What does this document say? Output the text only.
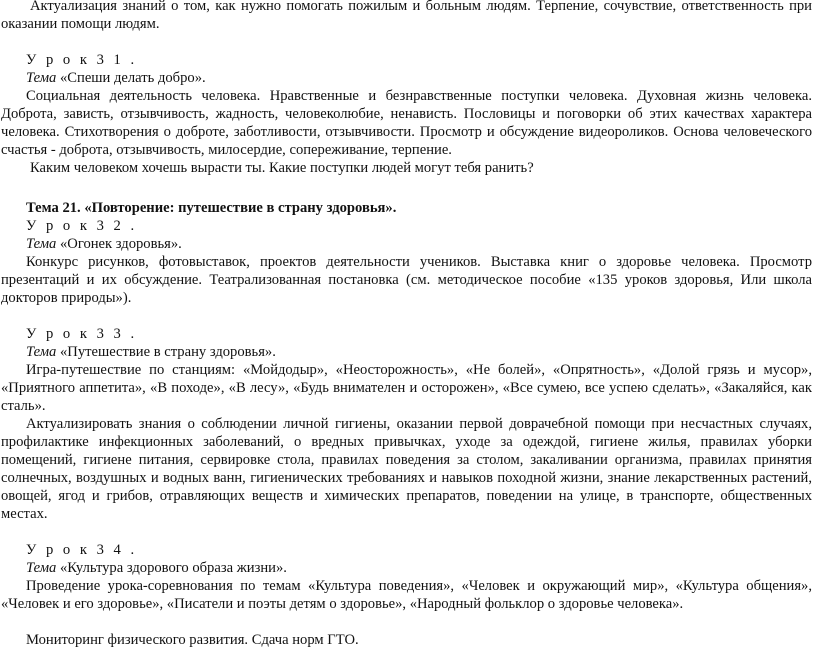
Актуализация знаний о том, как нужно помогать пожилым и больным людям. Терпение, сочувствие, ответственность при оказании помощи людям.

У р о к 3 1 .

Тема «Спеши делать добро».

Социальная деятельность человека. Нравственные и безнравственные поступки человека. Духовная жизнь человека. Доброта, зависть, отзывчивость, жадность, человеколюбие, ненависть. Пословицы и поговорки об этих качествах характера человека. Стихотворения о доброте, заботливости, отзывчивости. Просмотр и обсуждение видеороликов. Основа человеческого счастья - доброта, отзывчивость, милосердие, сопереживание, терпение.

Каким человеком хочешь вырасти ты. Какие поступки людей могут тебя ранить?

Тема 21. «Повторение: путешествие в страну здоровья».

У р о к 3 2 .

Тема «Огонек здоровья».

Конкурс рисунков, фотовыставок, проектов деятельности учеников. Выставка книг о здоровье человека. Просмотр презентаций и их обсуждение. Театрализованная постановка (см. методическое пособие «135 уроков здоровья, Или школа докторов природы»).

У р о к 3 3 .

Тема «Путешествие в страну здоровья».

Игра-путешествие по станциям: «Мойдодыр», «Неосторожность», «Не болей», «Опрятность», «Долой грязь и мусор», «Приятного аппетита», «В походе», «В лесу», «Будь внимателен и осторожен», «Все сумею, все успею сделать», «Закаляйся, как сталь».

Актуализировать знания о соблюдении личной гигиены, оказании первой доврачебной помощи при несчастных случаях, профилактике инфекционных заболеваний, о вредных привычках, уходе за одеждой, гигиене жилья, правилах уборки помещений, гигиене питания, сервировке стола, правилах поведения за столом, закаливании организма, правилах принятия солнечных, воздушных и водных ванн, гигиенических требованиях и навыков походной жизни, знание лекарственных растений, овощей, ягод и грибов, отравляющих веществ и химических препаратов, поведении на улице, в транспорте, общественных местах.

У р о к 3 4 .

Тема «Культура здорового образа жизни».

Проведение урока-соревнования по темам «Культура поведения», «Человек и окружающий мир», «Культура общения», «Человек и его здоровье», «Писатели и поэты детям о здоровье», «Народный фольклор о здоровье человека».

Мониторинг физического развития. Сдача норм ГТО.
